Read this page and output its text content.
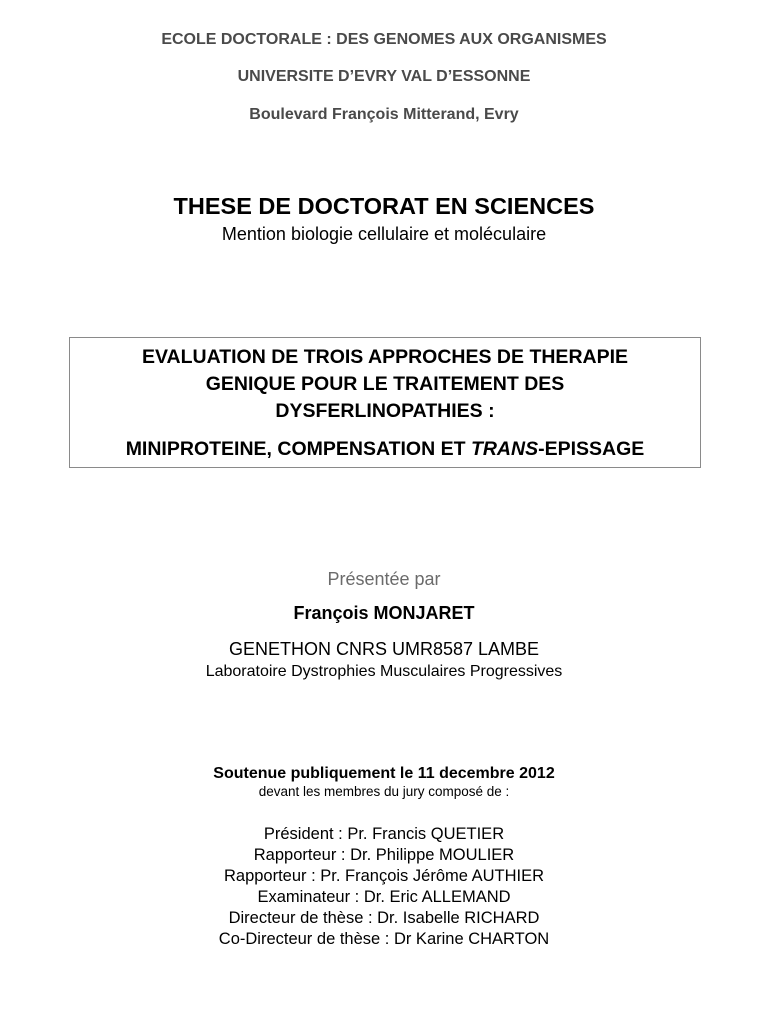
ECOLE DOCTORALE : DES GENOMES AUX ORGANISMES
UNIVERSITE D’EVRY VAL D’ESSONNE
Boulevard François Mitterand, Evry
THESE DE DOCTORAT EN SCIENCES
Mention biologie cellulaire et moléculaire
EVALUATION DE TROIS APPROCHES DE THERAPIE
GENIQUE POUR LE TRAITEMENT DES
DYSFERLINOPATHIES :
MINIPROTEINE, COMPENSATION ET TRANS-EPISSAGE
Présentée par
François MONJARET
GENETHON CNRS UMR8587 LAMBE
Laboratoire Dystrophies Musculaires Progressives
Soutenue publiquement le 11 decembre 2012
devant les membres du jury composé de :
Président : Pr. Francis QUETIER
Rapporteur : Dr. Philippe MOULIER
Rapporteur : Pr. François Jérôme AUTHIER
Examinateur : Dr. Eric ALLEMAND
Directeur de thèse : Dr. Isabelle RICHARD
Co-Directeur de thèse : Dr Karine CHARTON
